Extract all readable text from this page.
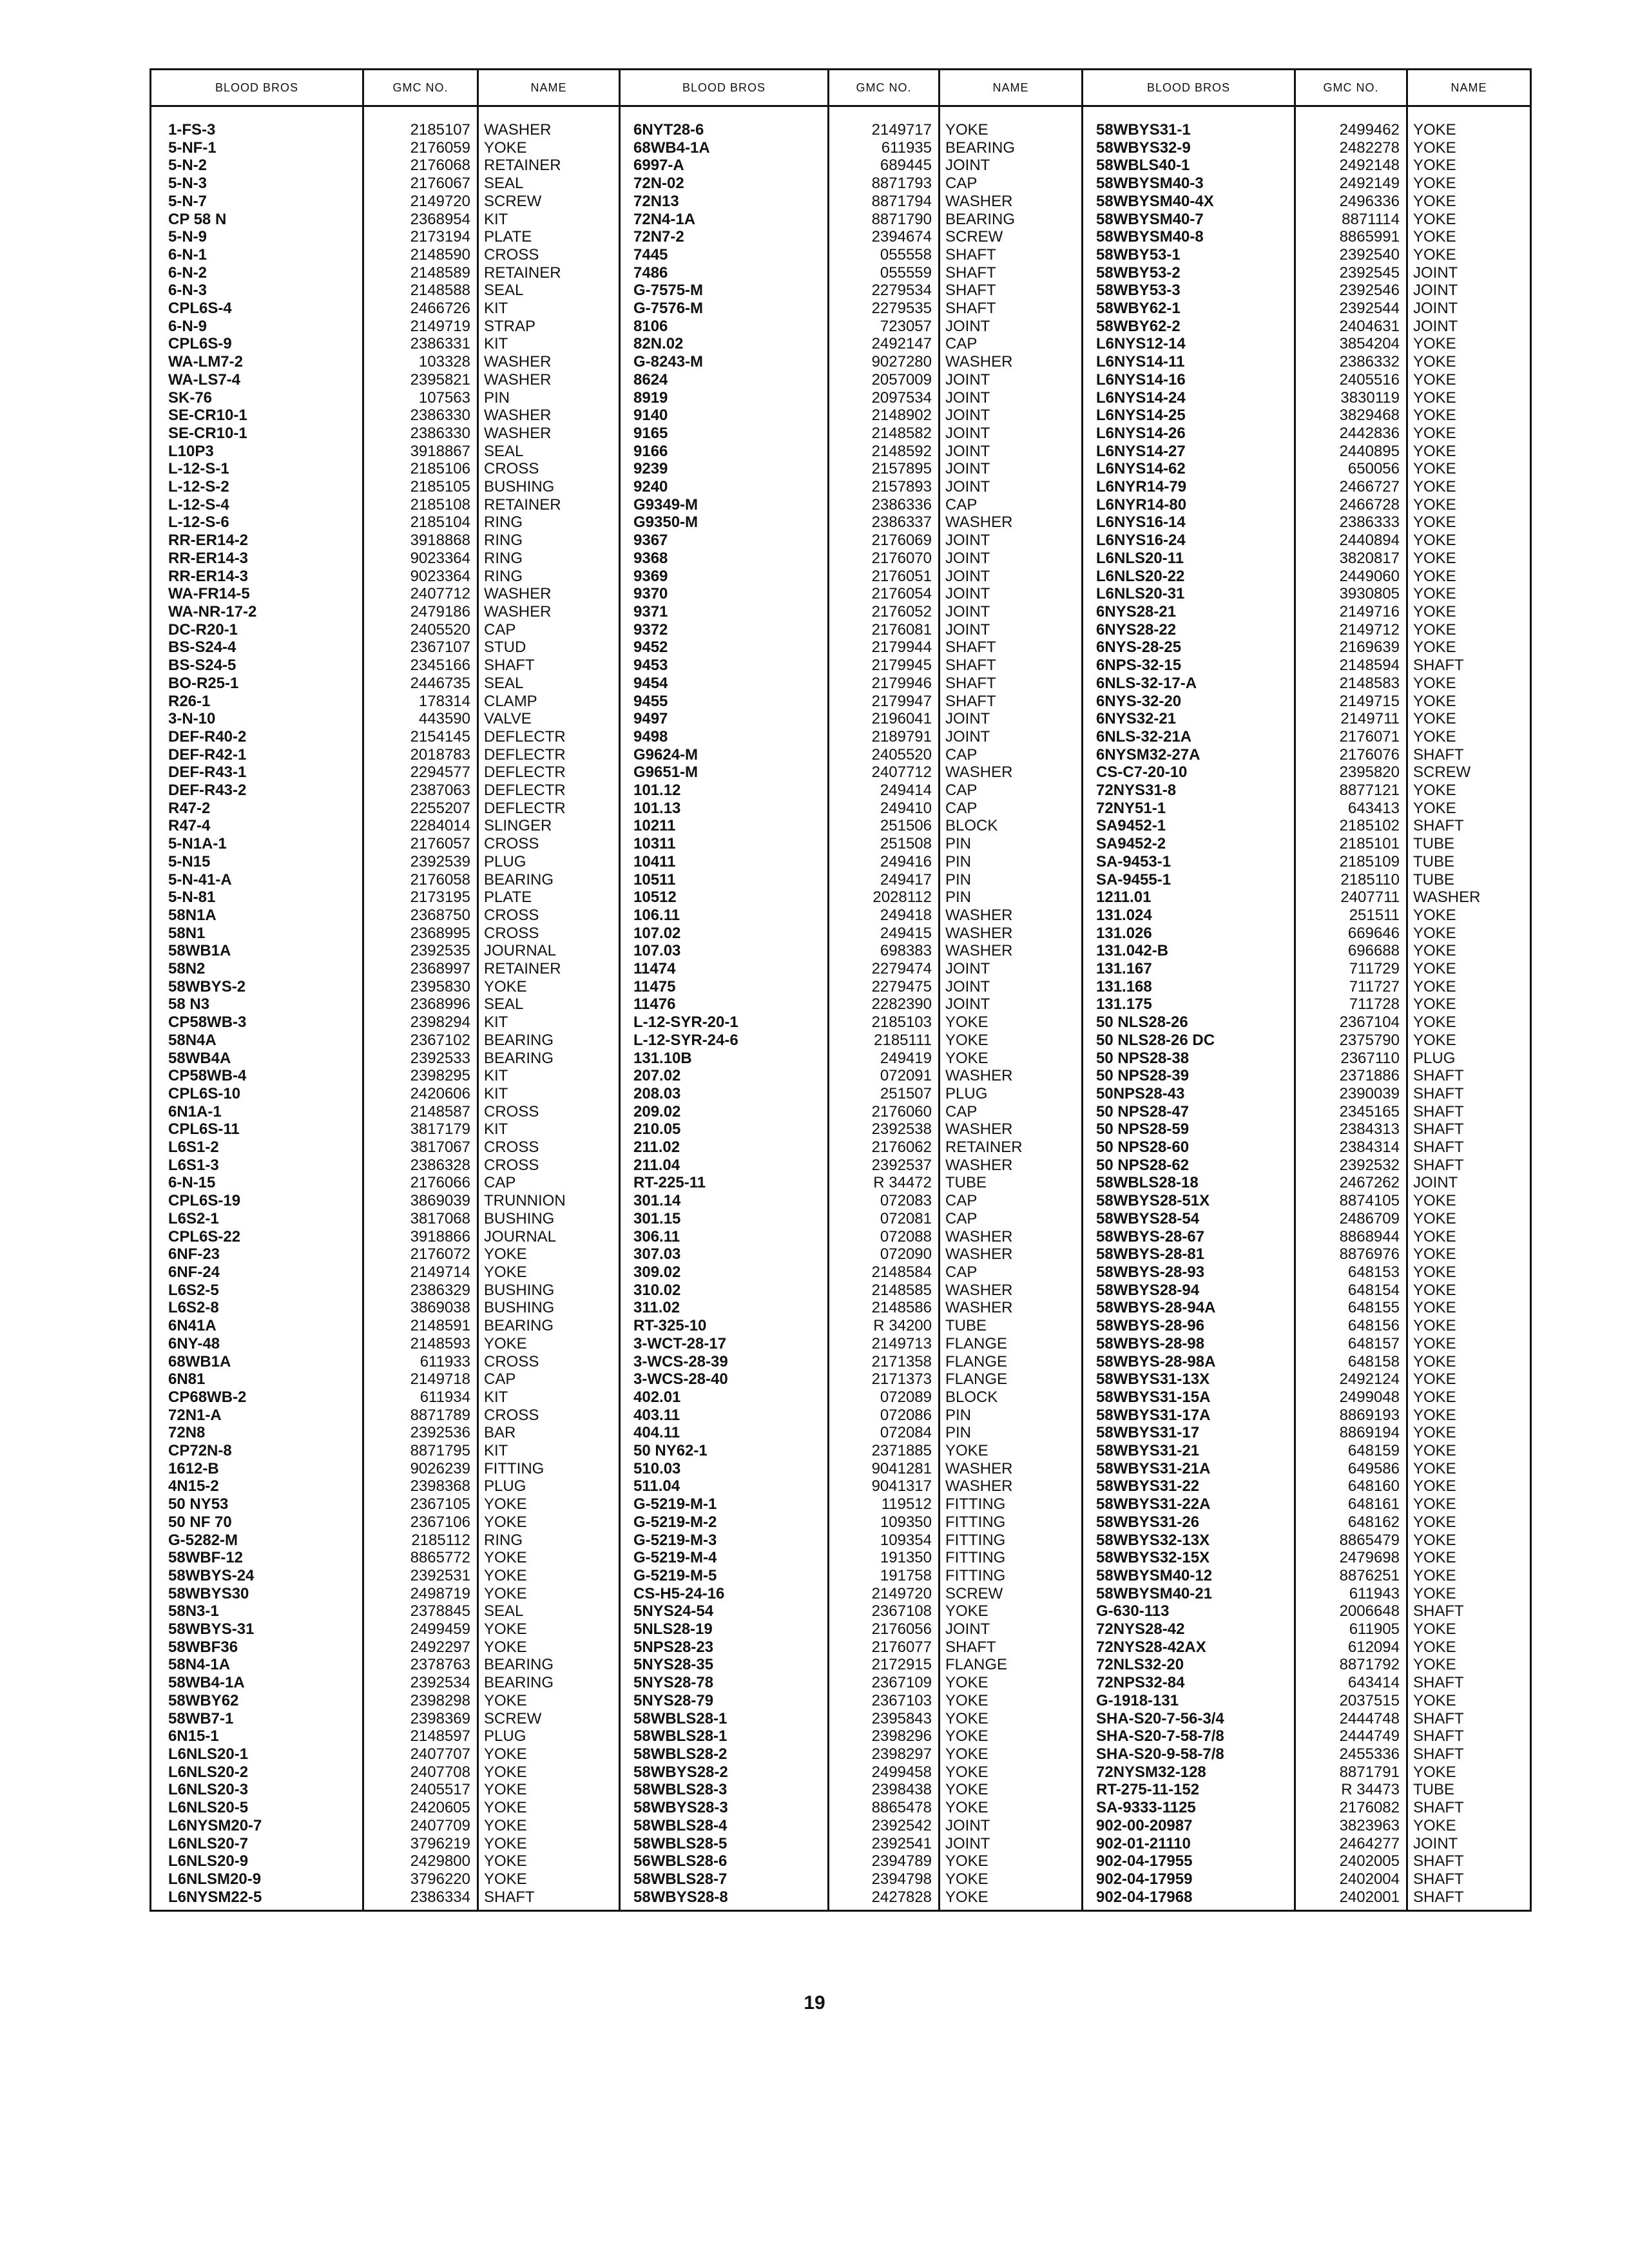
BLOOD BROS	GMC NO.	NAME	BLOOD BROS	GMC NO.	NAME	BLOOD BROS	GMC NO.	NAME

1-FS-3	2185107	WASHER	6NYT28-6	2149717	YOKE	58WBYS31-1	2499462	YOKE
5-NF-1	2176059	YOKE	68WB4-1A	611935	BEARING	58WBYS32-9	2482278	YOKE
5-N-2	2176068	RETAINER	6997-A	689445	JOINT	58WBLS40-1	2492148	YOKE
5-N-3	2176067	SEAL	72N-02	8871793	CAP	58WBYSM40-3	2492149	YOKE
5-N-7	2149720	SCREW	72N13	8871794	WASHER	58WBYSM40-4X	2496336	YOKE
CP 58 N	2368954	KIT	72N4-1A	8871790	BEARING	58WBYSM40-7	8871114	YOKE
5-N-9	2173194	PLATE	72N7-2	2394674	SCREW	58WBYSM40-8	8865991	YOKE
6-N-1	2148590	CROSS	7445	055558	SHAFT	58WBY53-1	2392540	YOKE
6-N-2	2148589	RETAINER	7486	055559	SHAFT	58WBY53-2	2392545	JOINT
6-N-3	2148588	SEAL	G-7575-M	2279534	SHAFT	58WBY53-3	2392546	JOINT
CPL6S-4	2466726	KIT	G-7576-M	2279535	SHAFT	58WBY62-1	2392544	JOINT
6-N-9	2149719	STRAP	8106	723057	JOINT	58WBY62-2	2404631	JOINT
CPL6S-9	2386331	KIT	82N.02	2492147	CAP	L6NYS12-14	3854204	YOKE
WA-LM7-2	103328	WASHER	G-8243-M	9027280	WASHER	L6NYS14-11	2386332	YOKE
WA-LS7-4	2395821	WASHER	8624	2057009	JOINT	L6NYS14-16	2405516	YOKE
SK-76	107563	PIN	8919	2097534	JOINT	L6NYS14-24	3830119	YOKE
SE-CR10-1	2386330	WASHER	9140	2148902	JOINT	L6NYS14-25	3829468	YOKE
SE-CR10-1	2386330	WASHER	9165	2148582	JOINT	L6NYS14-26	2442836	YOKE
L10P3	3918867	SEAL	9166	2148592	JOINT	L6NYS14-27	2440895	YOKE
L-12-S-1	2185106	CROSS	9239	2157895	JOINT	L6NYS14-62	650056	YOKE
L-12-S-2	2185105	BUSHING	9240	2157893	JOINT	L6NYR14-79	2466727	YOKE
L-12-S-4	2185108	RETAINER	G9349-M	2386336	CAP	L6NYR14-80	2466728	YOKE
L-12-S-6	2185104	RING	G9350-M	2386337	WASHER	L6NYS16-14	2386333	YOKE
RR-ER14-2	3918868	RING	9367	2176069	JOINT	L6NYS16-24	2440894	YOKE
RR-ER14-3	9023364	RING	9368	2176070	JOINT	L6NLS20-11	3820817	YOKE
RR-ER14-3	9023364	RING	9369	2176051	JOINT	L6NLS20-22	2449060	YOKE
WA-FR14-5	2407712	WASHER	9370	2176054	JOINT	L6NLS20-31	3930805	YOKE
WA-NR-17-2	2479186	WASHER	9371	2176052	JOINT	6NYS28-21	2149716	YOKE
DC-R20-1	2405520	CAP	9372	2176081	JOINT	6NYS28-22	2149712	YOKE
BS-S24-4	2367107	STUD	9452	2179944	SHAFT	6NYS-28-25	2169639	YOKE
BS-S24-5	2345166	SHAFT	9453	2179945	SHAFT	6NPS-32-15	2148594	SHAFT
BO-R25-1	2446735	SEAL	9454	2179946	SHAFT	6NLS-32-17-A	2148583	YOKE
R26-1	178314	CLAMP	9455	2179947	SHAFT	6NYS-32-20	2149715	YOKE
3-N-10	443590	VALVE	9497	2196041	JOINT	6NYS32-21	2149711	YOKE
DEF-R40-2	2154145	DEFLECTR	9498	2189791	JOINT	6NLS-32-21A	2176071	YOKE
DEF-R42-1	2018783	DEFLECTR	G9624-M	2405520	CAP	6NYSM32-27A	2176076	SHAFT
DEF-R43-1	2294577	DEFLECTR	G9651-M	2407712	WASHER	CS-C7-20-10	2395820	SCREW
DEF-R43-2	2387063	DEFLECTR	101.12	249414	CAP	72NYS31-8	8877121	YOKE
R47-2	2255207	DEFLECTR	101.13	249410	CAP	72NY51-1	643413	YOKE
R47-4	2284014	SLINGER	10211	251506	BLOCK	SA9452-1	2185102	SHAFT
5-N1A-1	2176057	CROSS	10311	251508	PIN	SA9452-2	2185101	TUBE
5-N15	2392539	PLUG	10411	249416	PIN	SA-9453-1	2185109	TUBE
5-N-41-A	2176058	BEARING	10511	249417	PIN	SA-9455-1	2185110	TUBE
5-N-81	2173195	PLATE	10512	2028112	PIN	1211.01	2407711	WASHER
58N1A	2368750	CROSS	106.11	249418	WASHER	131.024	251511	YOKE
58N1	2368995	CROSS	107.02	249415	WASHER	131.026	669646	YOKE
58WB1A	2392535	JOURNAL	107.03	698383	WASHER	131.042-B	696688	YOKE
58N2	2368997	RETAINER	11474	2279474	JOINT	131.167	711729	YOKE
58WBYS-2	2395830	YOKE	11475	2279475	JOINT	131.168	711727	YOKE
58 N3	2368996	SEAL	11476	2282390	JOINT	131.175	711728	YOKE
CP58WB-3	2398294	KIT	L-12-SYR-20-1	2185103	YOKE	50 NLS28-26	2367104	YOKE
58N4A	2367102	BEARING	L-12-SYR-24-6	2185111	YOKE	50 NLS28-26 DC	2375790	YOKE
58WB4A	2392533	BEARING	131.10B	249419	YOKE	50 NPS28-38	2367110	PLUG
CP58WB-4	2398295	KIT	207.02	072091	WASHER	50 NPS28-39	2371886	SHAFT
CPL6S-10	2420606	KIT	208.03	251507	PLUG	50NPS28-43	2390039	SHAFT
6N1A-1	2148587	CROSS	209.02	2176060	CAP	50 NPS28-47	2345165	SHAFT
CPL6S-11	3817179	KIT	210.05	2392538	WASHER	50 NPS28-59	2384313	SHAFT
L6S1-2	3817067	CROSS	211.02	2176062	RETAINER	50 NPS28-60	2384314	SHAFT
L6S1-3	2386328	CROSS	211.04	2392537	WASHER	50 NPS28-62	2392532	SHAFT
6-N-15	2176066	CAP	RT-225-11	R 34472	TUBE	58WBLS28-18	2467262	JOINT
CPL6S-19	3869039	TRUNNION	301.14	072083	CAP	58WBYS28-51X	8874105	YOKE
L6S2-1	3817068	BUSHING	301.15	072081	CAP	58WBYS28-54	2486709	YOKE
CPL6S-22	3918866	JOURNAL	306.11	072088	WASHER	58WBYS-28-67	8868944	YOKE
6NF-23	2176072	YOKE	307.03	072090	WASHER	58WBYS-28-81	8876976	YOKE
6NF-24	2149714	YOKE	309.02	2148584	CAP	58WBYS-28-93	648153	YOKE
L6S2-5	2386329	BUSHING	310.02	2148585	WASHER	58WBYS28-94	648154	YOKE
L6S2-8	3869038	BUSHING	311.02	2148586	WASHER	58WBYS-28-94A	648155	YOKE
6N41A	2148591	BEARING	RT-325-10	R 34200	TUBE	58WBYS-28-96	648156	YOKE
6NY-48	2148593	YOKE	3-WCT-28-17	2149713	FLANGE	58WBYS-28-98	648157	YOKE
68WB1A	611933	CROSS	3-WCS-28-39	2171358	FLANGE	58WBYS-28-98A	648158	YOKE
6N81	2149718	CAP	3-WCS-28-40	2171373	FLANGE	58WBYS31-13X	2492124	YOKE
CP68WB-2	611934	KIT	402.01	072089	BLOCK	58WBYS31-15A	2499048	YOKE
72N1-A	8871789	CROSS	403.11	072086	PIN	58WBYS31-17A	8869193	YOKE
72N8	2392536	BAR	404.11	072084	PIN	58WBYS31-17	8869194	YOKE
CP72N-8	8871795	KIT	50 NY62-1	2371885	YOKE	58WBYS31-21	648159	YOKE
1612-B	9026239	FITTING	510.03	9041281	WASHER	58WBYS31-21A	649586	YOKE
4N15-2	2398368	PLUG	511.04	9041317	WASHER	58WBYS31-22	648160	YOKE
50 NY53	2367105	YOKE	G-5219-M-1	119512	FITTING	58WBYS31-22A	648161	YOKE
50 NF 70	2367106	YOKE	G-5219-M-2	109350	FITTING	58WBYS31-26	648162	YOKE
G-5282-M	2185112	RING	G-5219-M-3	109354	FITTING	58WBYS32-13X	8865479	YOKE
58WBF-12	8865772	YOKE	G-5219-M-4	191350	FITTING	58WBYS32-15X	2479698	YOKE
58WBYS-24	2392531	YOKE	G-5219-M-5	191758	FITTING	58WBYSM40-12	8876251	YOKE
58WBYS30	2498719	YOKE	CS-H5-24-16	2149720	SCREW	58WBYSM40-21	611943	YOKE
58N3-1	2378845	SEAL	5NYS24-54	2367108	YOKE	G-630-113	2006648	SHAFT
58WBYS-31	2499459	YOKE	5NLS28-19	2176056	JOINT	72NYS28-42	611905	YOKE
58WBF36	2492297	YOKE	5NPS28-23	2176077	SHAFT	72NYS28-42AX	612094	YOKE
58N4-1A	2378763	BEARING	5NYS28-35	2172915	FLANGE	72NLS32-20	8871792	YOKE
58WB4-1A	2392534	BEARING	5NYS28-78	2367109	YOKE	72NPS32-84	643414	SHAFT
58WBY62	2398298	YOKE	5NYS28-79	2367103	YOKE	G-1918-131	2037515	YOKE
58WB7-1	2398369	SCREW	58WBLS28-1	2395843	YOKE	SHA-S20-7-56-3/4	2444748	SHAFT
6N15-1	2148597	PLUG	58WBLS28-1	2398296	YOKE	SHA-S20-7-58-7/8	2444749	SHAFT
L6NLS20-1	2407707	YOKE	58WBLS28-2	2398297	YOKE	SHA-S20-9-58-7/8	2455336	SHAFT
L6NLS20-2	2407708	YOKE	58WBYS28-2	2499458	YOKE	72NYSM32-128	8871791	YOKE
L6NLS20-3	2405517	YOKE	58WBLS28-3	2398438	YOKE	RT-275-11-152	R 34473	TUBE
L6NLS20-5	2420605	YOKE	58WBYS28-3	8865478	YOKE	SA-9333-1125	2176082	SHAFT
L6NYSM20-7	2407709	YOKE	58WBLS28-4	2392542	JOINT	902-00-20987	3823963	YOKE
L6NLS20-7	3796219	YOKE	58WBLS28-5	2392541	JOINT	902-01-21110	2464277	JOINT
L6NLS20-9	2429800	YOKE	56WBLS28-6	2394789	YOKE	902-04-17955	2402005	SHAFT
L6NLSM20-9	3796220	YOKE	58WBLS28-7	2394798	YOKE	902-04-17959	2402004	SHAFT
L6NYSM22-5	2386334	SHAFT	58WBYS28-8	2427828	YOKE	902-04-17968	2402001	SHAFT
19
